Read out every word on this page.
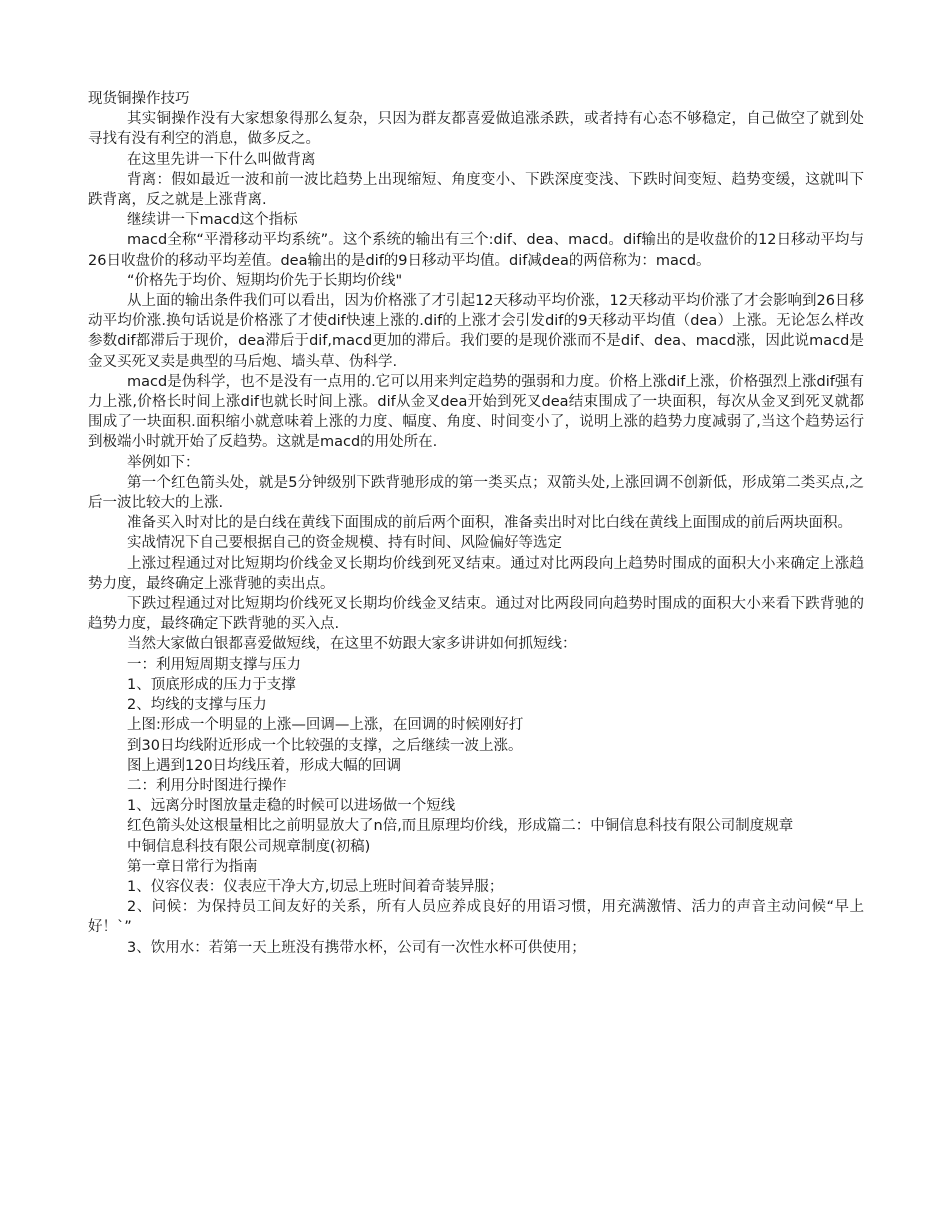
现货铜操作技巧

其实铜操作没有大家想象得那么复杂，只因为群友都喜爱做追涨杀跌，或者持有心态不够稳定，自己做空了就到处寻找有没有利空的消息，做多反之。

在这里先讲一下什么叫做背离

背离：假如最近一波和前一波比趋势上出现缩短、角度变小、下跌深度变浅、下跌时间变短、趋势变缓，这就叫下跌背离，反之就是上涨背离.

继续讲一下macd这个指标

macd全称“平滑移动平均系统”。这个系统的输出有三个:dif、dea、macd。dif输出的是收盘价的12日移动平均与26日收盘价的移动平均差值。dea输出的是dif的9日移动平均值。dif减dea的两倍称为：macd。

“价格先于均价、短期均价先于长期均价线"

从上面的输出条件我们可以看出，因为价格涨了才引起12天移动平均价涨，12天移动平均价涨了才会影响到26日移动平均价涨.换句话说是价格涨了才使dif快速上涨的.dif的上涨才会引发dif的9天移动平均值（dea）上涨。无论怎么样改参数dif都滞后于现价，dea滞后于dif,macd更加的滞后。我们要的是现价涨而不是dif、dea、macd涨，因此说macd是金叉买死叉卖是典型的马后炮、墙头草、伪科学.

macd是伪科学，也不是没有一点用的.它可以用来判定趋势的强弱和力度。价格上涨dif上涨，价格强烈上涨dif强有力上涨,价格长时间上涨dif也就长时间上涨。dif从金叉dea开始到死叉dea结束围成了一块面积，每次从金叉到死叉就都围成了一块面积.面积缩小就意味着上涨的力度、幅度、角度、时间变小了，说明上涨的趋势力度减弱了,当这个趋势运行到极端小时就开始了反趋势。这就是macd的用处所在.

举例如下：

第一个红色箭头处，就是5分钟级别下跌背驰形成的第一类买点；双箭头处,上涨回调不创新低，形成第二类买点,之后一波比较大的上涨.

准备买入时对比的是白线在黄线下面围成的前后两个面积，准备卖出时对比白线在黄线上面围成的前后两块面积。

实战情况下自己要根据自己的资金规模、持有时间、风险偏好等选定

上涨过程通过对比短期均价线金叉长期均价线到死叉结束。通过对比两段向上趋势时围成的面积大小来确定上涨趋势力度，最终确定上涨背驰的卖出点。

下跌过程通过对比短期均价线死叉长期均价线金叉结束。通过对比两段同向趋势时围成的面积大小来看下跌背驰的趋势力度，最终确定下跌背驰的买入点.

当然大家做白银都喜爱做短线，在这里不妨跟大家多讲讲如何抓短线：

一：利用短周期支撑与压力

1、顶底形成的压力于支撑

2、均线的支撑与压力

上图:形成一个明显的上涨—回调—上涨，在回调的时候刚好打

到30日均线附近形成一个比较强的支撑，之后继续一波上涨。

图上遇到120日均线压着，形成大幅的回调

二：利用分时图进行操作

1、远离分时图放量走稳的时候可以进场做一个短线

红色箭头处这根量相比之前明显放大了n倍,而且原理均价线，形成篇二：中铜信息科技有限公司制度规章

中铜信息科技有限公司规章制度(初稿)

第一章日常行为指南

1、仪容仪表：仪表应干净大方,切忌上班时间着奇装异服；

2、问候：为保持员工间友好的关系，所有人员应养成良好的用语习惯，用充满激情、活力的声音主动问候“早上好！`”

3、饮用水：若第一天上班没有携带水杯，公司有一次性水杯可供使用；
